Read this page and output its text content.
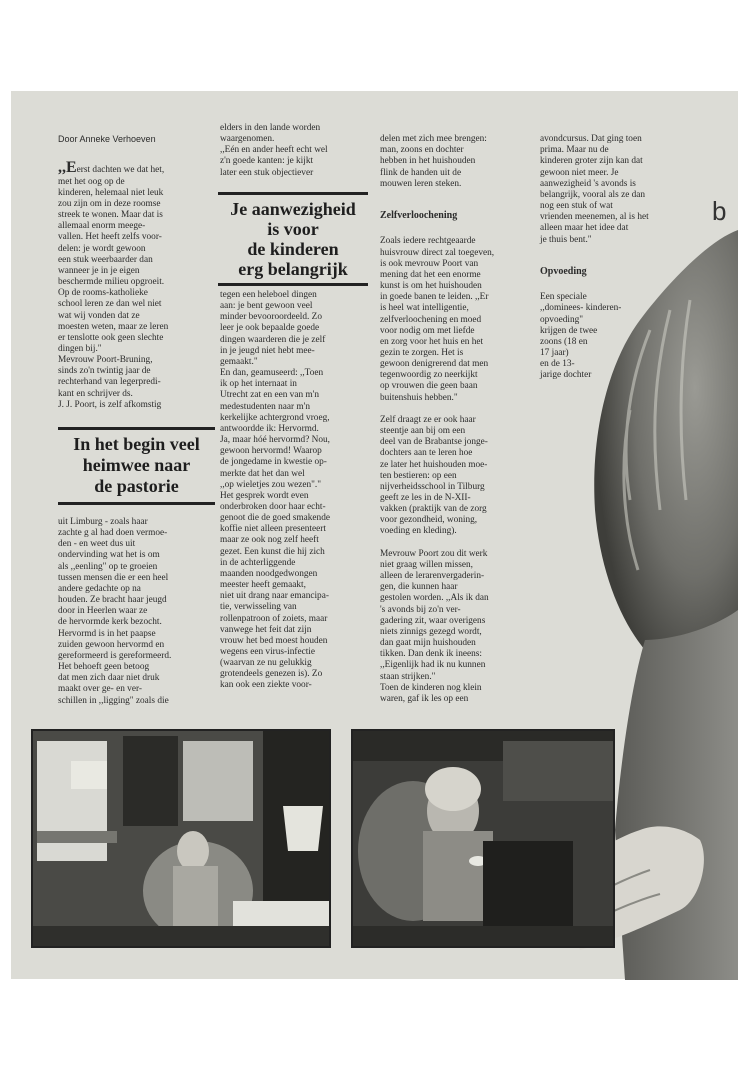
Door Anneke Verhoeven

,,Eerst dachten we dat het,
met het oog op de
kinderen, helemaal niet leuk
zou zijn om in deze roomse
streek te wonen. Maar dat is
allemaal enorm meege-
vallen. Het heeft zelfs voor-
delen: je wordt gewoon
een stuk weerbaarder dan
wanneer je in je eigen
beschermde milieu opgroeit.
Op de rooms-katholieke
school leren ze dan wel niet
wat wij vonden dat ze
moesten weten, maar ze leren
er tenslotte ook geen slechte
dingen bij."
Mevrouw Poort-Bruning,
sinds zo'n twintig jaar de
rechterhand van legerpredi-
kant en schrijver ds.
J. J. Poort, is zelf afkomstig

In het begin veel
heimwee naar
de pastorie
uit Limburg - zoals haar
zachte g al had doen vermoe-
den - en weet dus uit
ondervinding wat het is om
als ,,eenling" op te groeien
tussen mensen die er een heel
andere gedachte op na
houden. Ze bracht haar jeugd
door in Heerlen waar ze
de hervormde kerk bezocht.
Hervormd is in het paapse
zuiden gewoon hervormd en
gereformeerd is gereformeerd.
Het behoeft geen betoog
dat men zich daar niet druk
maakt over ge- en ver-
schillen in ,,ligging" zoals die
elders in den lande worden
waargenomen.
,,Eén en ander heeft echt wel
z'n goede kanten: je kijkt
later een stuk objectiever
Je aanwezigheid
is voor
de kinderen
erg belangrijk
tegen een heleboel dingen
aan: je bent gewoon veel
minder bevooroordeeld. Zo
leer je ook bepaalde goede
dingen waarderen die je zelf
in je jeugd niet hebt mee-
gemaakt."
En dan, geamuseerd: ,,Toen
ik op het internaat in
Utrecht zat en een van m'n
medestudenten naar m'n
kerkelijke achtergrond vroeg,
antwoordde ik: Hervormd.
Ja, maar hóé hervormd? Nou,
gewoon hervormd! Waarop
de jongedame in kwestie op-
merkte dat het dan wel
,,op wieletjes zou wezen"."
Het gesprek wordt even
onderbroken door haar echt-
genoot die de goed smakende
koffie niet alleen presenteert
maar ze ook nog zelf heeft
gezet. Een kunst die hij zich
in de achterliggende
maanden noodgedwongen
meester heeft gemaakt,
niet uit drang naar emancipa-
tie, verwisseling van
rollenpatroon of zoiets, maar
vanwege het feit dat zijn
vrouw het bed moest houden
wegens een virus-infectie
(waarvan ze nu gelukkig
grotendeels genezen is). Zo
kan ook een ziekte voor-

delen met zich mee brengen:
man, zoons en dochter
hebben in het huishouden
flink de handen uit de
mouwen leren steken.

Zelfverloochening

Zoals iedere rechtgeaarde
huisvrouw direct zal toegeven,
is ook mevrouw Poort van
mening dat het een enorme
kunst is om het huishouden
in goede banen te leiden. ,,Er
is heel wat intelligentie,
zelfverloochening en moed
voor nodig om met liefde
en zorg voor het huis en het
gezin te zorgen. Het is
gewoon denigrerend dat men
tegenwoordig zo neerkijkt
op vrouwen die geen baan
buitenshuis hebben."

Zelf draagt ze er ook haar
steentje aan bij om een
deel van de Brabantse jonge-
dochters aan te leren hoe
ze later het huishouden moe-
ten bestieren: op een
nijverheidsschool in Tilburg
geeft ze les in de N-XII-
vakken (praktijk van de zorg
voor gezondheid, woning,
voeding en kleding).

Mevrouw Poort zou dit werk
niet graag willen missen,
alleen de lerarenvergaderin-
gen, die kunnen haar
gestolen worden. ,,Als ik dan
's avonds bij zo'n ver-
gadering zit, waar overigens
niets zinnigs gezegd wordt,
dan gaat mijn huishouden
tikken. Dan denk ik ineens:
,,Eigenlijk had ik nu kunnen
staan strijken."
Toen de kinderen nog klein
waren, gaf ik les op een

avondcursus. Dat ging toen
prima. Maar nu de
kinderen groter zijn kan dat
gewoon niet meer. Je
aanwezigheid 's avonds is
belangrijk, vooral als ze dan
nog een stuk of wat
vrienden meenemen, al is het
alleen maar het idee dat
je thuis bent."

Opvoeding

Een speciale
,,dominees- kinderen-
opvoeding"
krijgen de twee
zoons (18 en
17 jaar)
en de 13-
jarige dochter

b
